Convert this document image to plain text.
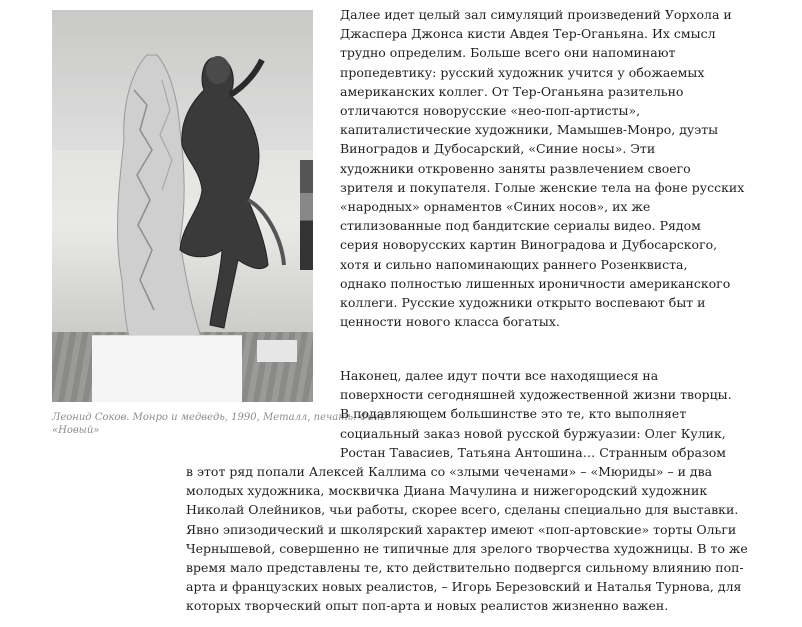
Леонид Соков. Монро и медведь, 1990, Металл, печать. Фонд
«Новый»
Далее идет целый зал симуляций произведений Уорхола и
Джаспера Джонса кисти Авдея Тер-Оганьяна. Их смысл
трудно определим. Больше всего они напоминают
пропедевтику: русский художник учится у обожаемых
американских коллег. От Тер-Оганьяна разительно
отличаются новорусские «нео-поп-артисты»,
капиталистические художники, Мамышев-Монро, дуэты
Виноградов и Дубосарский, «Синие носы». Эти
художники откровенно заняты развлечением своего
зрителя и покупателя. Голые женские тела на фоне русских
«народных» орнаментов «Синих носов», их же
стилизованные под бандитские сериалы видео. Рядом
серия новорусских картин Виноградова и Дубосарского,
хотя и сильно напоминающих раннего Розенквиста,
однако полностью лишенных ироничности американского
коллеги. Русские художники открыто воспевают быт и
ценности нового класса богатых.
Наконец, далее идут почти все находящиеся на
поверхности сегодняшней художественной жизни творцы.
В подавляющем большинстве это те, кто выполняет
социальный заказ новой русской буржуазии: Олег Кулик,
Ростан Тавасиев, Татьяна Антошина… Странным образом
в этот ряд попали Алексей Каллима со «злыми чеченами» – «Мюриды» – и два
молодых художника, москвичка Диана Мачулина и нижегородский художник
Николай Олейников, чьи работы, скорее всего, сделаны специально для выставки.
Явно эпизодический и школярский характер имеют «поп-артовские» торты Ольги
Чернышевой, совершенно не типичные для зрелого творчества художницы. В то же
время мало представлены те, кто действительно подвергся сильному влиянию поп-
арта и французских новых реалистов, – Игорь Березовский и Наталья Турнова, для
которых творческий опыт поп-арта и новых реалистов жизненно важен.
